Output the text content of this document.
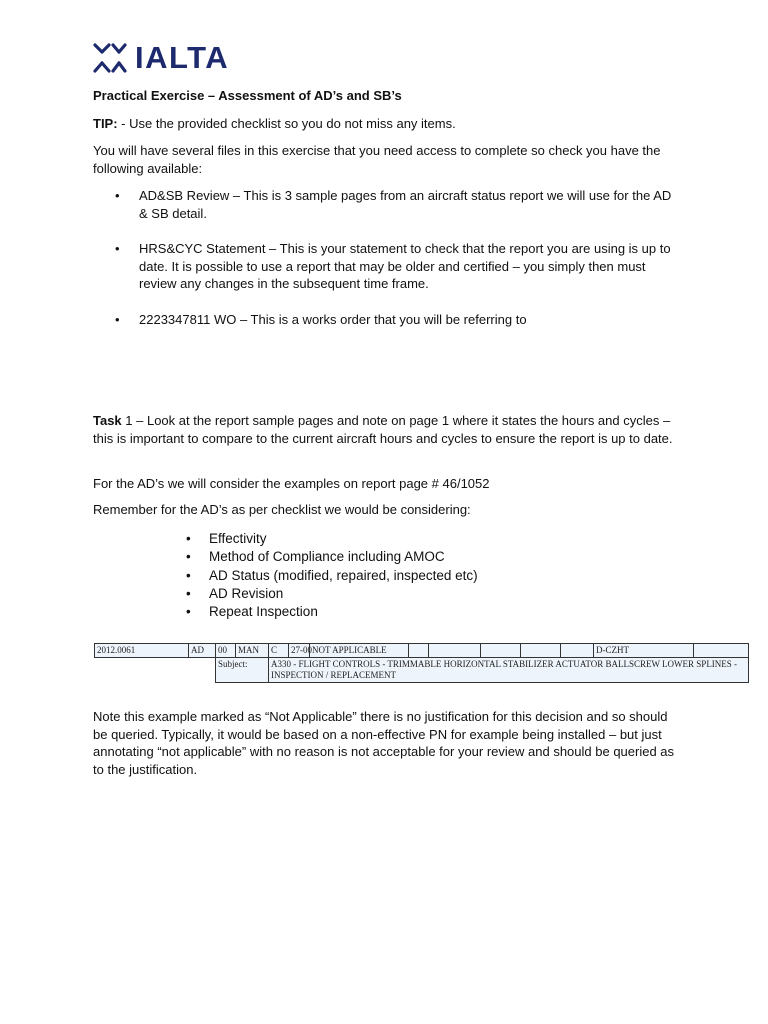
IALTA
Practical Exercise – Assessment of AD’s and SB’s
TIP: - Use the provided checklist so you do not miss any items.
You will have several files in this exercise that you need access to complete so check you have the following available:
• AD&SB Review – This is 3 sample pages from an aircraft status report we will use for the AD & SB detail.
• HRS&CYC Statement – This is your statement to check that the report you are using is up to date. It is possible to use a report that may be older and certified – you simply then must review any changes in the subsequent time frame.
• 2223347811 WO – This is a works order that you will be referring to
Task 1 – Look at the report sample pages and note on page 1 where it states the hours and cycles – this is important to compare to the current aircraft hours and cycles to ensure the report is up to date.
For the AD’s we will consider the examples on report page # 46/1052
Remember for the AD’s as per checklist we would be considering:
• Effectivity
• Method of Compliance including AMOC
• AD Status (modified, repaired, inspected etc)
• AD Revision
• Repeat Inspection
2012.0061	AD	00	MAN	C	27-00	NOT APPLICABLE						D-CZHT	
		Subject:		A330 - FLIGHT CONTROLS - TRIMMABLE HORIZONTAL STABILIZER ACTUATOR BALLSCREW LOWER SPLINES - INSPECTION / REPLACEMENT									
Note this example marked as “Not Applicable” there is no justification for this decision and so should be queried. Typically, it would be based on a non-effective PN for example being installed – but just annotating “not applicable” with no reason is not acceptable for your review and should be queried as to the justification.
